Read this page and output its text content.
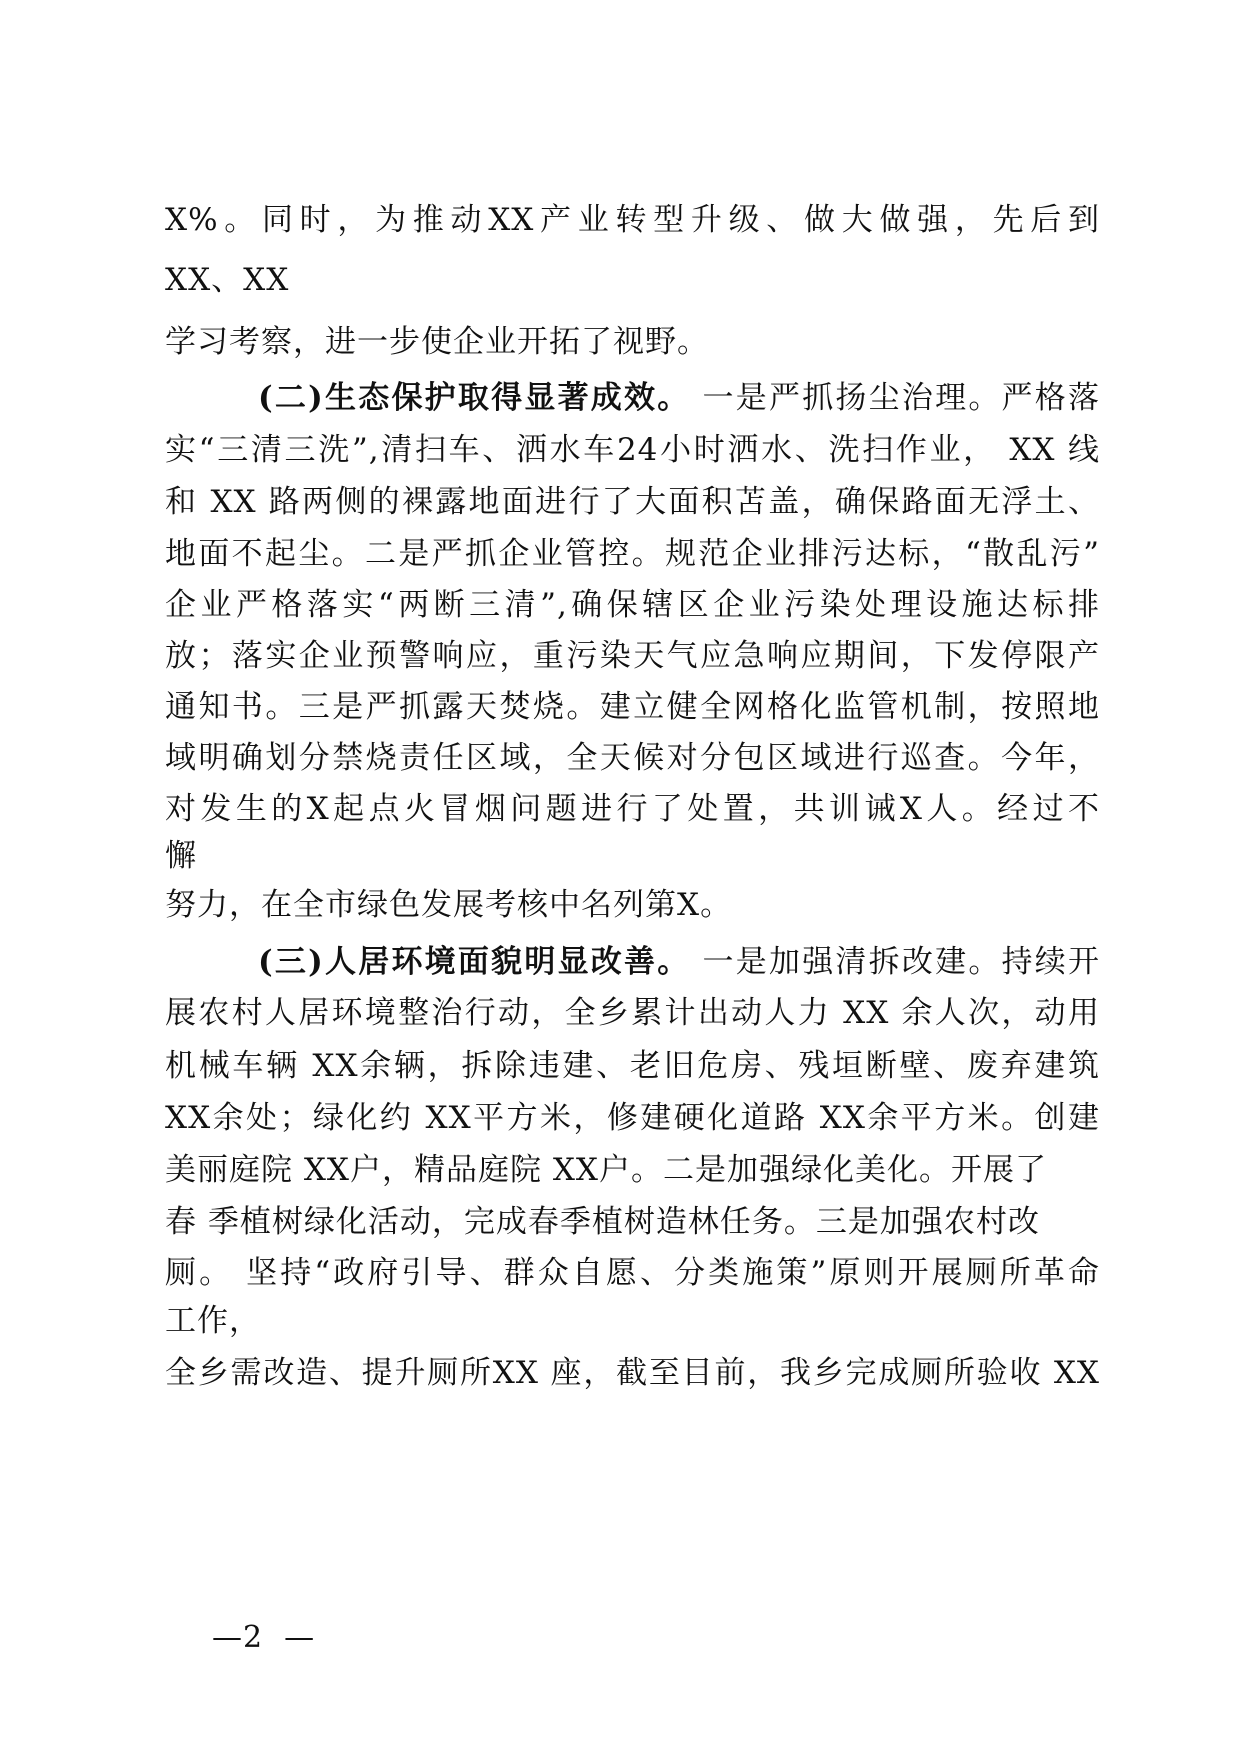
X%。同时，为推动XX产业转型升级、做大做强，先后到
XX、XX
学习考察，进一步使企业开拓了视野。
(二)生态保护取得显著成效。 一是严抓扬尘治理。严格落
实“三清三洗”,清扫车、洒水车24小时洒水、洗扫作业， XX 线
和 XX 路两侧的裸露地面进行了大面积苫盖，确保路面无浮土、
地面不起尘。二是严抓企业管控。规范企业排污达标，“散乱污”
企业严格落实“两断三清”,确保辖区企业污染处理设施达标排
放；落实企业预警响应，重污染天气应急响应期间，下发停限产
通知书。三是严抓露天焚烧。建立健全网格化监管机制，按照地
域明确划分禁烧责任区域，全天候对分包区域进行巡查。今年，
对发生的X起点火冒烟问题进行了处置，共训诫X人。经过不
懈
努力，在全市绿色发展考核中名列第X。
(三)人居环境面貌明显改善。 一是加强清拆改建。持续开
展农村人居环境整治行动，全乡累计出动人力 XX 余人次，动用
机械车辆 XX余辆，拆除违建、老旧危房、残垣断壁、废弃建筑
XX余处；绿化约 XX平方米，修建硬化道路 XX余平方米。创建
美丽庭院 XX户，精品庭院 XX户。二是加强绿化美化。开展了
春 季植树绿化活动，完成春季植树造林任务。三是加强农村改
厕。 坚持“政府引导、群众自愿、分类施策”原则开展厕所革命
工作，
全乡需改造、提升厕所XX 座，截至目前，我乡完成厕所验收 XX
—2  —
